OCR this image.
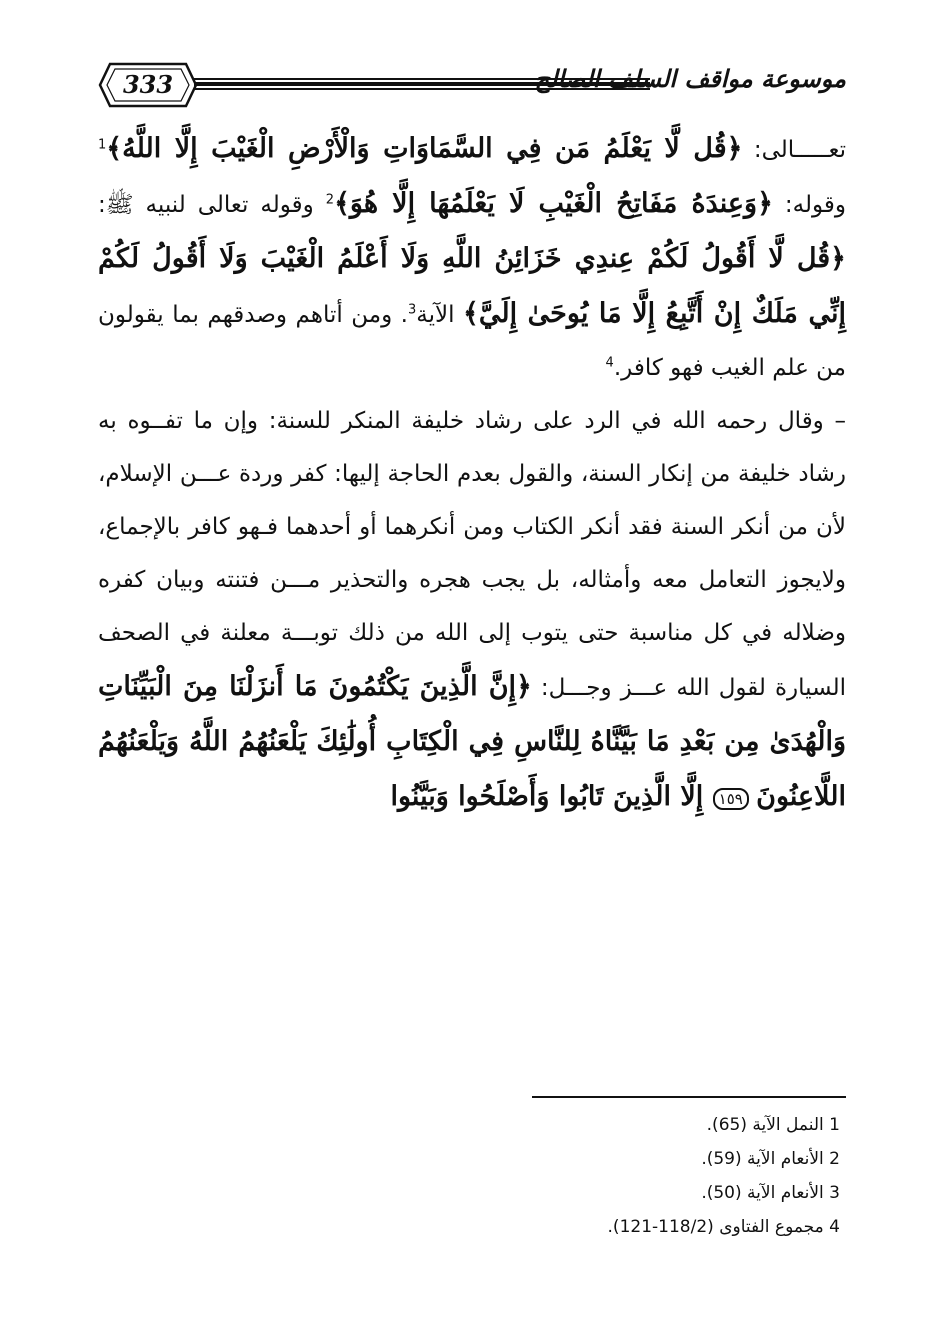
333	موسوعة مواقف السلف الصالح

تعـــــالى: ﴿قُل لَّا يَعْلَمُ مَن فِي السَّمَاوَاتِ وَالْأَرْضِ الْغَيْبَ إِلَّا اللَّهُ﴾$^1$ وقوله: ﴿وَعِندَهُ مَفَاتِحُ الْغَيْبِ لَا يَعْلَمُهَا إِلَّا هُوَ﴾$^2$ وقوله تعالى لنبيه ﷺ: ﴿قُل لَّا أَقُولُ لَكُمْ عِندِي خَزَائِنُ اللَّهِ وَلَا أَعْلَمُ الْغَيْبَ وَلَا أَقُولُ لَكُمْ إِنِّي مَلَكٌ إِنْ أَتَّبِعُ إِلَّا مَا يُوحَىٰ إِلَيَّ﴾ الآية$^3$. ومن أتاهم وصدقهم بما يقولون من علم الغيب فهو كافر.$^4$

– وقال رحمه الله في الرد على رشاد خليفة المنكر للسنة: وإن ما تفــوه به رشاد خليفة من إنكار السنة، والقول بعدم الحاجة إليها: كفر وردة عـــن الإسلام، لأن من أنكر السنة فقد أنكر الكتاب ومن أنكرهما أو أحدهما فـهو كافر بالإجماع، ولايجوز التعامل معه وأمثاله، بل يجب هجره والتحذير مـــن فتنته وبيان كفره وضلاله في كل مناسبة حتى يتوب إلى الله من ذلك توبـــة معلنة في الصحف السيارة لقول الله عـــز وجـــل: ﴿إِنَّ الَّذِينَ يَكْتُمُونَ مَا أَنزَلْنَا مِنَ الْبَيِّنَاتِ وَالْهُدَىٰ مِن بَعْدِ مَا بَيَّنَّاهُ لِلنَّاسِ فِي الْكِتَابِ أُولَٰئِكَ يَلْعَنُهُمُ اللَّهُ وَيَلْعَنُهُمُ اللَّاعِنُونَ ١٥٩ إِلَّا الَّذِينَ تَابُوا وَأَصْلَحُوا وَبَيَّنُوا

1 النمل الآية (65).
2 الأنعام الآية (59).
3 الأنعام الآية (50).
4 مجموع الفتاوى (118/2-121).
